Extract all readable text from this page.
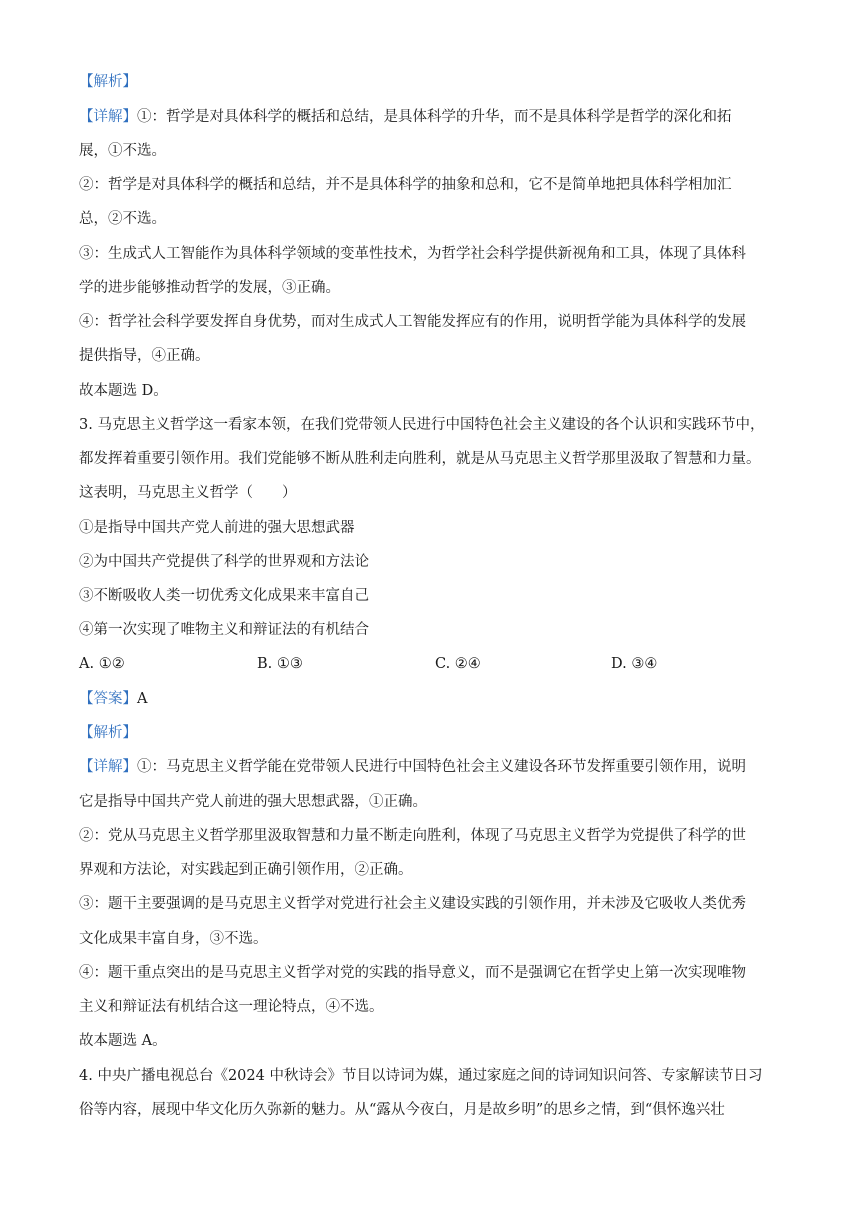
【解析】
【详解】①：哲学是对具体科学的概括和总结，是具体科学的升华，而不是具体科学是哲学的深化和拓
展，①不选。
②：哲学是对具体科学的概括和总结，并不是具体科学的抽象和总和，它不是简单地把具体科学相加汇
总，②不选。
③：生成式人工智能作为具体科学领域的变革性技术，为哲学社会科学提供新视角和工具，体现了具体科
学的进步能够推动哲学的发展，③正确。
④：哲学社会科学要发挥自身优势，而对生成式人工智能发挥应有的作用，说明哲学能为具体科学的发展
提供指导，④正确。
故本题选 D。
3. 马克思主义哲学这一看家本领，在我们党带领人民进行中国特色社会主义建设的各个认识和实践环节中，
都发挥着重要引领作用。我们党能够不断从胜利走向胜利，就是从马克思主义哲学那里汲取了智慧和力量。
这表明，马克思主义哲学（　　）
①是指导中国共产党人前进的强大思想武器
②为中国共产党提供了科学的世界观和方法论
③不断吸收人类一切优秀文化成果来丰富自己
④第一次实现了唯物主义和辩证法的有机结合
A. ①②	B. ①③	C. ②④	D. ③④
【答案】A
【解析】
【详解】①：马克思主义哲学能在党带领人民进行中国特色社会主义建设各环节发挥重要引领作用，说明
它是指导中国共产党人前进的强大思想武器，①正确。
②：党从马克思主义哲学那里汲取智慧和力量不断走向胜利，体现了马克思主义哲学为党提供了科学的世
界观和方法论，对实践起到正确引领作用，②正确。
③：题干主要强调的是马克思主义哲学对党进行社会主义建设实践的引领作用，并未涉及它吸收人类优秀
文化成果丰富自身，③不选。
④：题干重点突出的是马克思主义哲学对党的实践的指导意义，而不是强调它在哲学史上第一次实现唯物
主义和辩证法有机结合这一理论特点，④不选。
故本题选 A。
4. 中央广播电视总台《2024 中秋诗会》节目以诗词为媒，通过家庭之间的诗词知识问答、专家解读节日习
俗等内容，展现中华文化历久弥新的魅力。从“露从今夜白，月是故乡明”的思乡之情，到“俱怀逸兴壮
